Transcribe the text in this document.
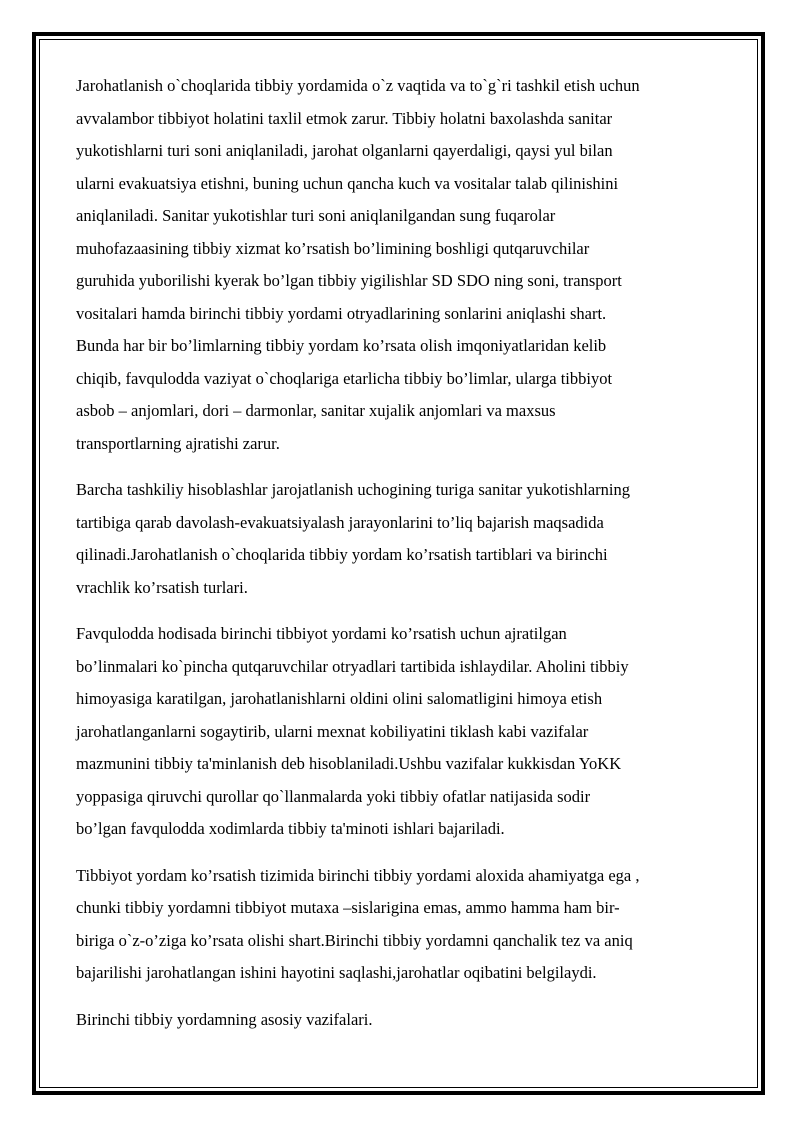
Jarohatlanish o`choqlarida tibbiy yordamida o`z vaqtida va to`g`ri tashkil etish uchun
avvalambor tibbiyot holatini taxlil etmok zarur. Tibbiy holatni baxolashda sanitar
yukotishlarni turi soni aniqlaniladi, jarohat olganlarni qayerdaligi, qaysi yul bilan
ularni evakuatsiya etishni, buning uchun qancha kuch va vositalar talab qilinishini
aniqlaniladi. Sanitar yukotishlar turi soni aniqlanilgandan sung fuqarolar
muhofazaasining tibbiy xizmat ko’rsatish bo’limining boshligi qutqaruvchilar
guruhida yuborilishi kyerak bo’lgan tibbiy yigilishlar SD SDO ning soni, transport
vositalari hamda birinchi tibbiy yordami otryadlarining sonlarini aniqlashi shart.
Bunda har bir bo’limlarning tibbiy yordam ko’rsata olish imqoniyatlaridan kelib
chiqib, favqulodda vaziyat o`choqlariga etarlicha tibbiy bo’limlar, ularga tibbiyot
asbob – anjomlari, dori – darmonlar, sanitar xujalik anjomlari va maxsus
transportlarning ajratishi zarur.

Barcha tashkiliy hisoblashlar jarojatlanish uchogining turiga sanitar yukotishlarning
tartibiga qarab davolash-evakuatsiyalash jarayonlarini to’liq bajarish maqsadida
qilinadi.Jarohatlanish o`choqlarida tibbiy yordam ko’rsatish tartiblari va birinchi
vrachlik ko’rsatish turlari.

Favqulodda hodisada birinchi tibbiyot yordami ko’rsatish uchun ajratilgan
bo’linmalari ko`pincha qutqaruvchilar otryadlari tartibida ishlaydilar. Aholini tibbiy
himoyasiga karatilgan, jarohatlanishlarni oldini olini salomatligini himoya etish
jarohatlanganlarni sogaytirib, ularni mexnat kobiliyatini tiklash kabi vazifalar
mazmunini tibbiy ta'minlanish deb hisoblaniladi.Ushbu vazifalar kukkisdan YoKK
yoppasiga qiruvchi qurollar qo`llanmalarda yoki tibbiy ofatlar natijasida sodir
bo’lgan favqulodda xodimlarda tibbiy ta'minoti ishlari bajariladi.

Tibbiyot yordam ko’rsatish tizimida birinchi tibbiy yordami aloxida ahamiyatga ega ,
chunki tibbiy yordamni tibbiyot mutaxa –sislarigina emas, ammo hamma ham bir-
biriga o`z-o’ziga ko’rsata olishi shart.Birinchi tibbiy yordamni qanchalik tez va aniq
bajarilishi jarohatlangan ishini hayotini saqlashi,jarohatlar oqibatini belgilaydi.

Birinchi tibbiy yordamning asosiy vazifalari.
